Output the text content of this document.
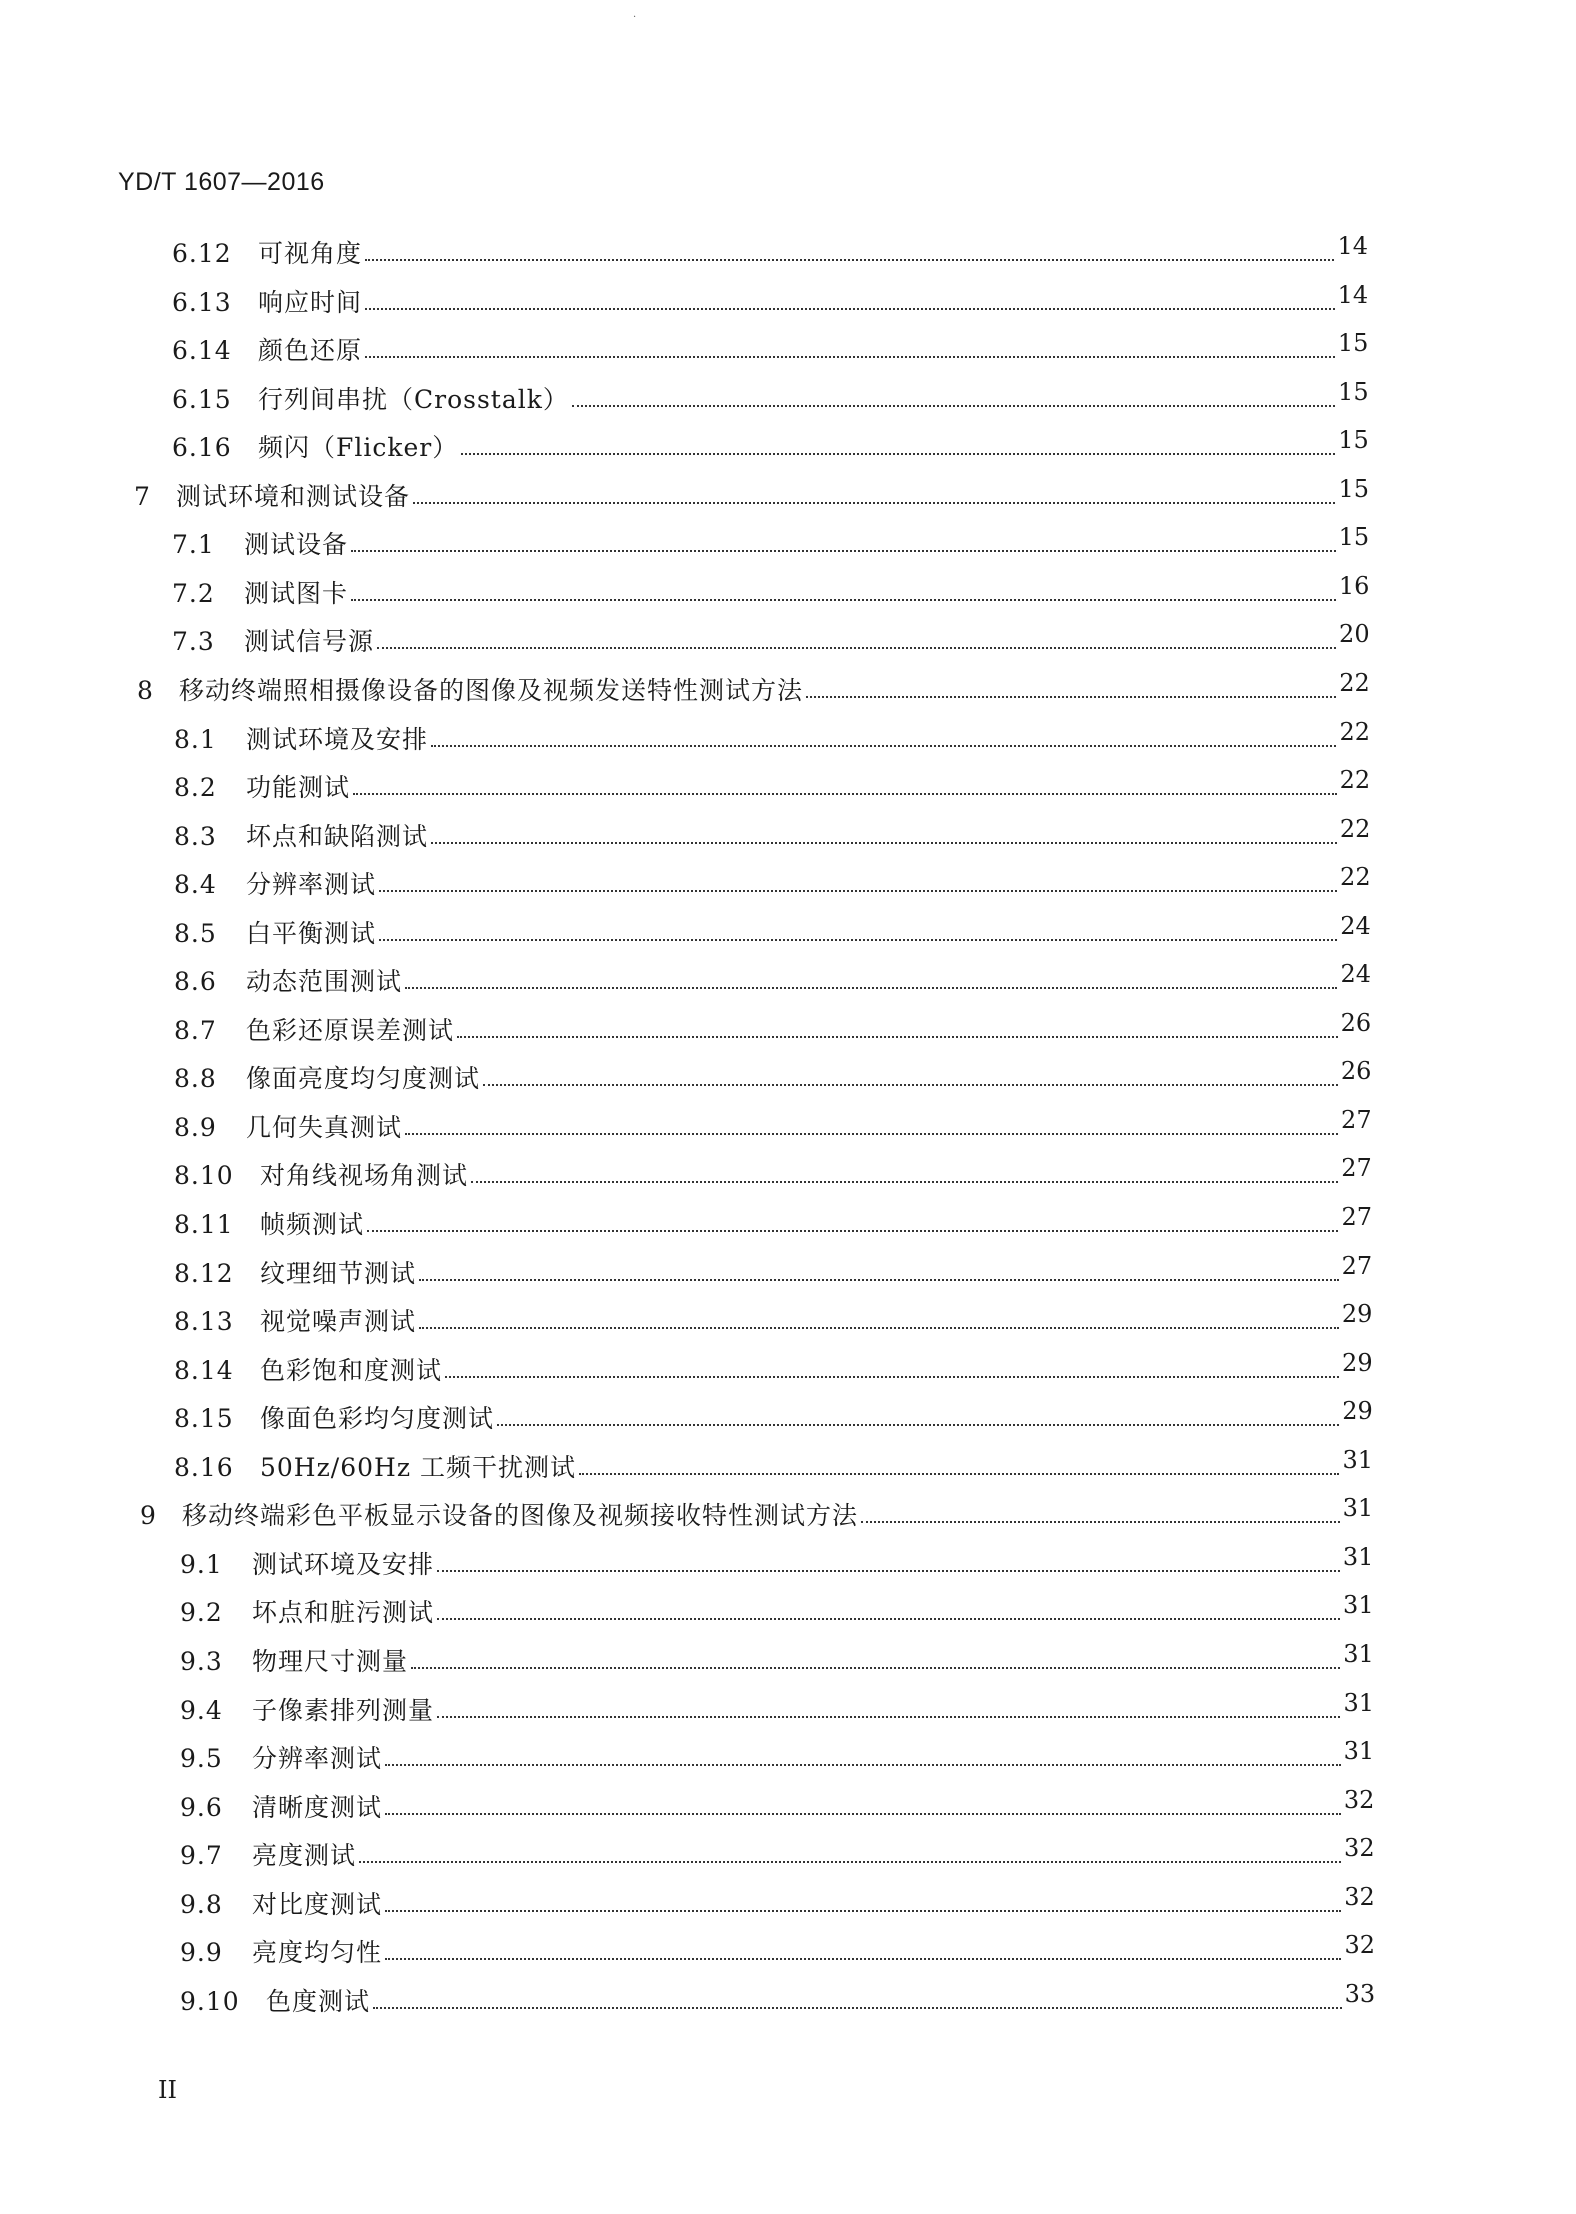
·
YD/T 1607—2016
6.12	可视角度	14
6.13	响应时间	14
6.14	颜色还原	15
6.15	行列间串扰（Crosstalk）	15
6.16	频闪（Flicker）	15
7	测试环境和测试设备	15
7.1	测试设备	15
7.2	测试图卡	16
7.3	测试信号源	20
8	移动终端照相摄像设备的图像及视频发送特性测试方法	22
8.1	测试环境及安排	22
8.2	功能测试	22
8.3	坏点和缺陷测试	22
8.4	分辨率测试	22
8.5	白平衡测试	24
8.6	动态范围测试	24
8.7	色彩还原误差测试	26
8.8	像面亮度均匀度测试	26
8.9	几何失真测试	27
8.10	对角线视场角测试	27
8.11	帧频测试	27
8.12	纹理细节测试	27
8.13	视觉噪声测试	29
8.14	色彩饱和度测试	29
8.15	像面色彩均匀度测试	29
8.16	50Hz/60Hz 工频干扰测试	31
9	移动终端彩色平板显示设备的图像及视频接收特性测试方法	31
9.1	测试环境及安排	31
9.2	坏点和脏污测试	31
9.3	物理尺寸测量	31
9.4	子像素排列测量	31
9.5	分辨率测试	31
9.6	清晰度测试	32
9.7	亮度测试	32
9.8	对比度测试	32
9.9	亮度均匀性	32
9.10	色度测试	33
II
